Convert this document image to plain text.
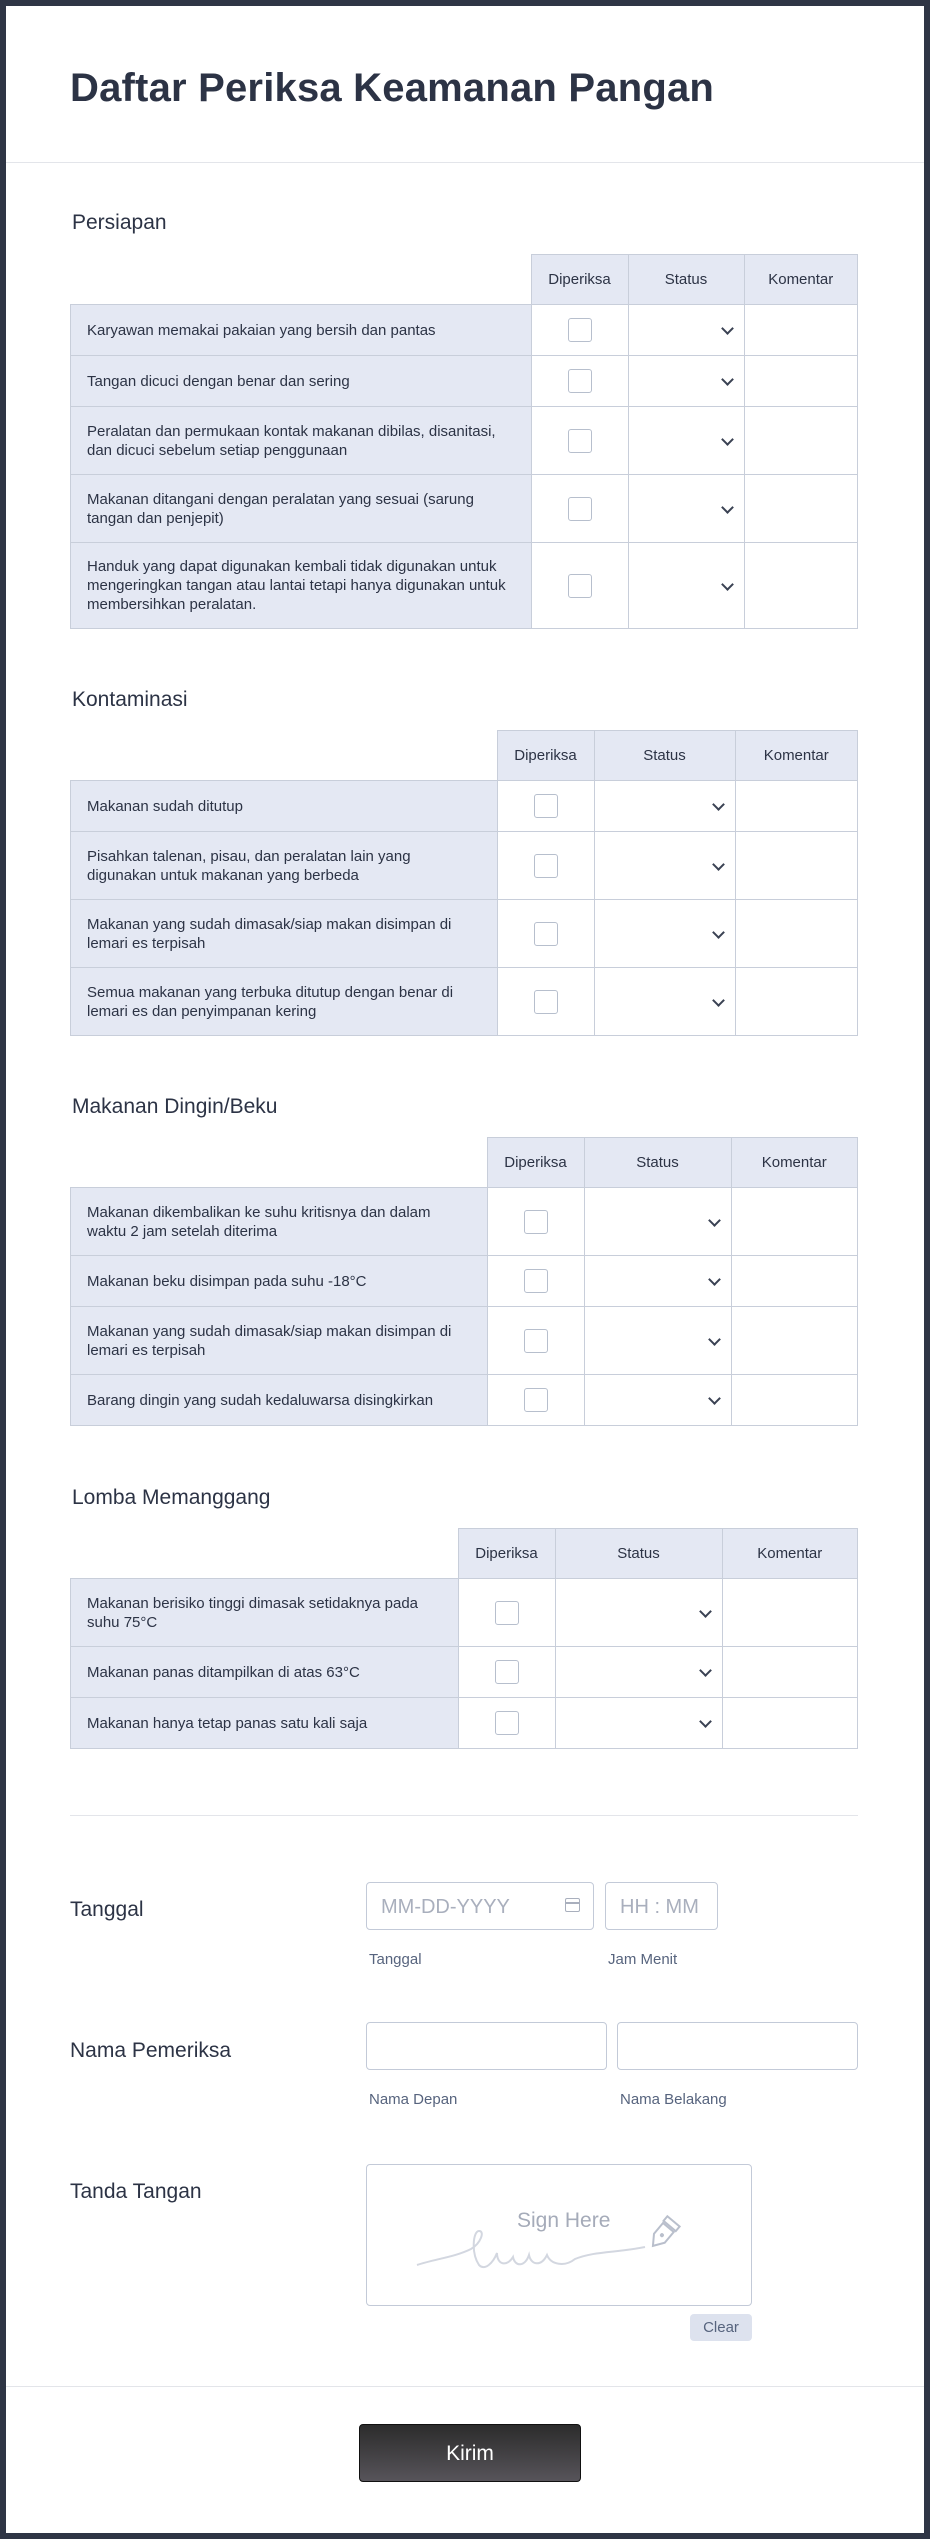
Daftar Periksa Keamanan Pangan
Persiapan
	Diperiksa	Status	Komentar
Karyawan memakai pakaian yang bersih dan pantas		

Tangan dicuci dengan benar dan sering		

Peralatan dan permukaan kontak makanan dibilas, disanitasi, dan dicuci sebelum setiap penggunaan		

Makanan ditangani dengan peralatan yang sesuai (sarung tangan dan penjepit)		

Handuk yang dapat digunakan kembali tidak digunakan untuk mengeringkan tangan atau lantai tetapi hanya digunakan untuk membersihkan peralatan.		

Kontaminasi
	Diperiksa	Status	Komentar
Makanan sudah ditutup		

Pisahkan talenan, pisau, dan peralatan lain yang digunakan untuk makanan yang berbeda		

Makanan yang sudah dimasak/siap makan disimpan di lemari es terpisah		

Semua makanan yang terbuka ditutup dengan benar di lemari es dan penyimpanan kering		

Makanan Dingin/Beku
	Diperiksa	Status	Komentar
Makanan dikembalikan ke suhu kritisnya dan dalam waktu 2 jam setelah diterima		

Makanan beku disimpan pada suhu -18°C		

Makanan yang sudah dimasak/siap makan disimpan di lemari es terpisah		

Barang dingin yang sudah kedaluwarsa disingkirkan		

Lomba Memanggang
	Diperiksa	Status	Komentar
Makanan berisiko tinggi dimasak setidaknya pada suhu 75°C		

Makanan panas ditampilkan di atas 63°C		

Makanan hanya tetap panas satu kali saja		

Tanggal	MM-DD-YYYY
Tanggal
HH : MM
Jam Menit
Nama Pemeriksa
Nama Depan	Nama Belakang
Tanda Tangan
Sign Here
Clear
Kirim
